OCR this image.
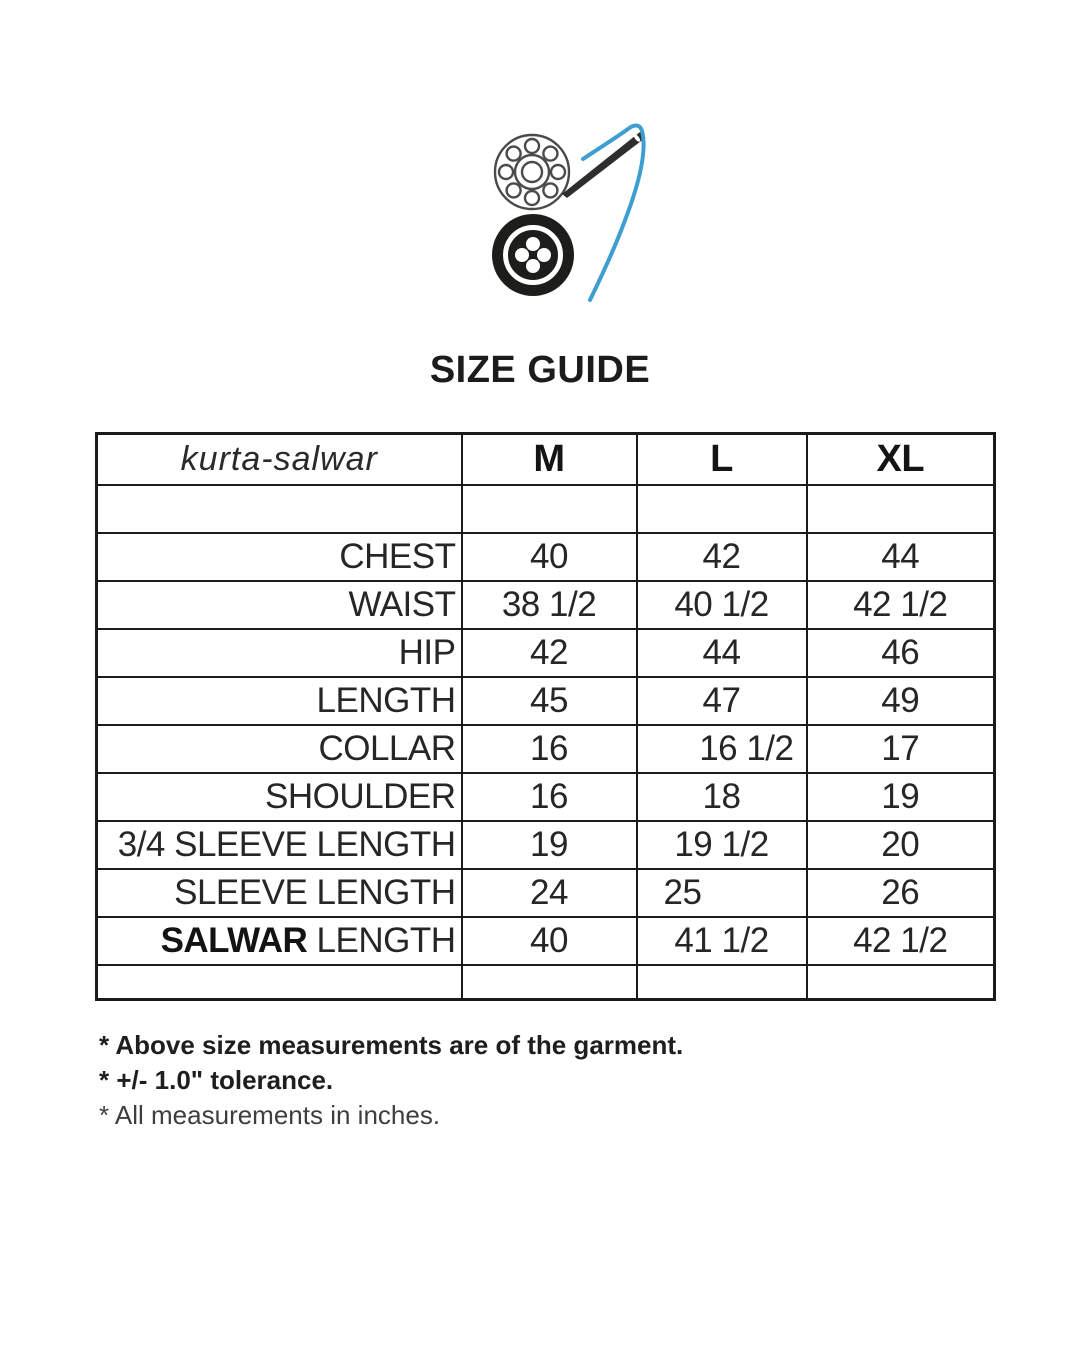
SIZE GUIDE
kurta-salwar	M	L	XL

CHEST	40	42	44
WAIST	38 1/2	40 1/2	42 1/2
HIP	42	44	46
LENGTH	45	47	49
COLLAR	16	16 1/2	17
SHOULDER	16	18	19
3/4 SLEEVE LENGTH	19	19 1/2	20
SLEEVE LENGTH	24	25	26
SALWAR LENGTH	40	41 1/2	42 1/2

* Above size measurements are of the garment.

* +/- 1.0" tolerance.

* All measurements in inches.
